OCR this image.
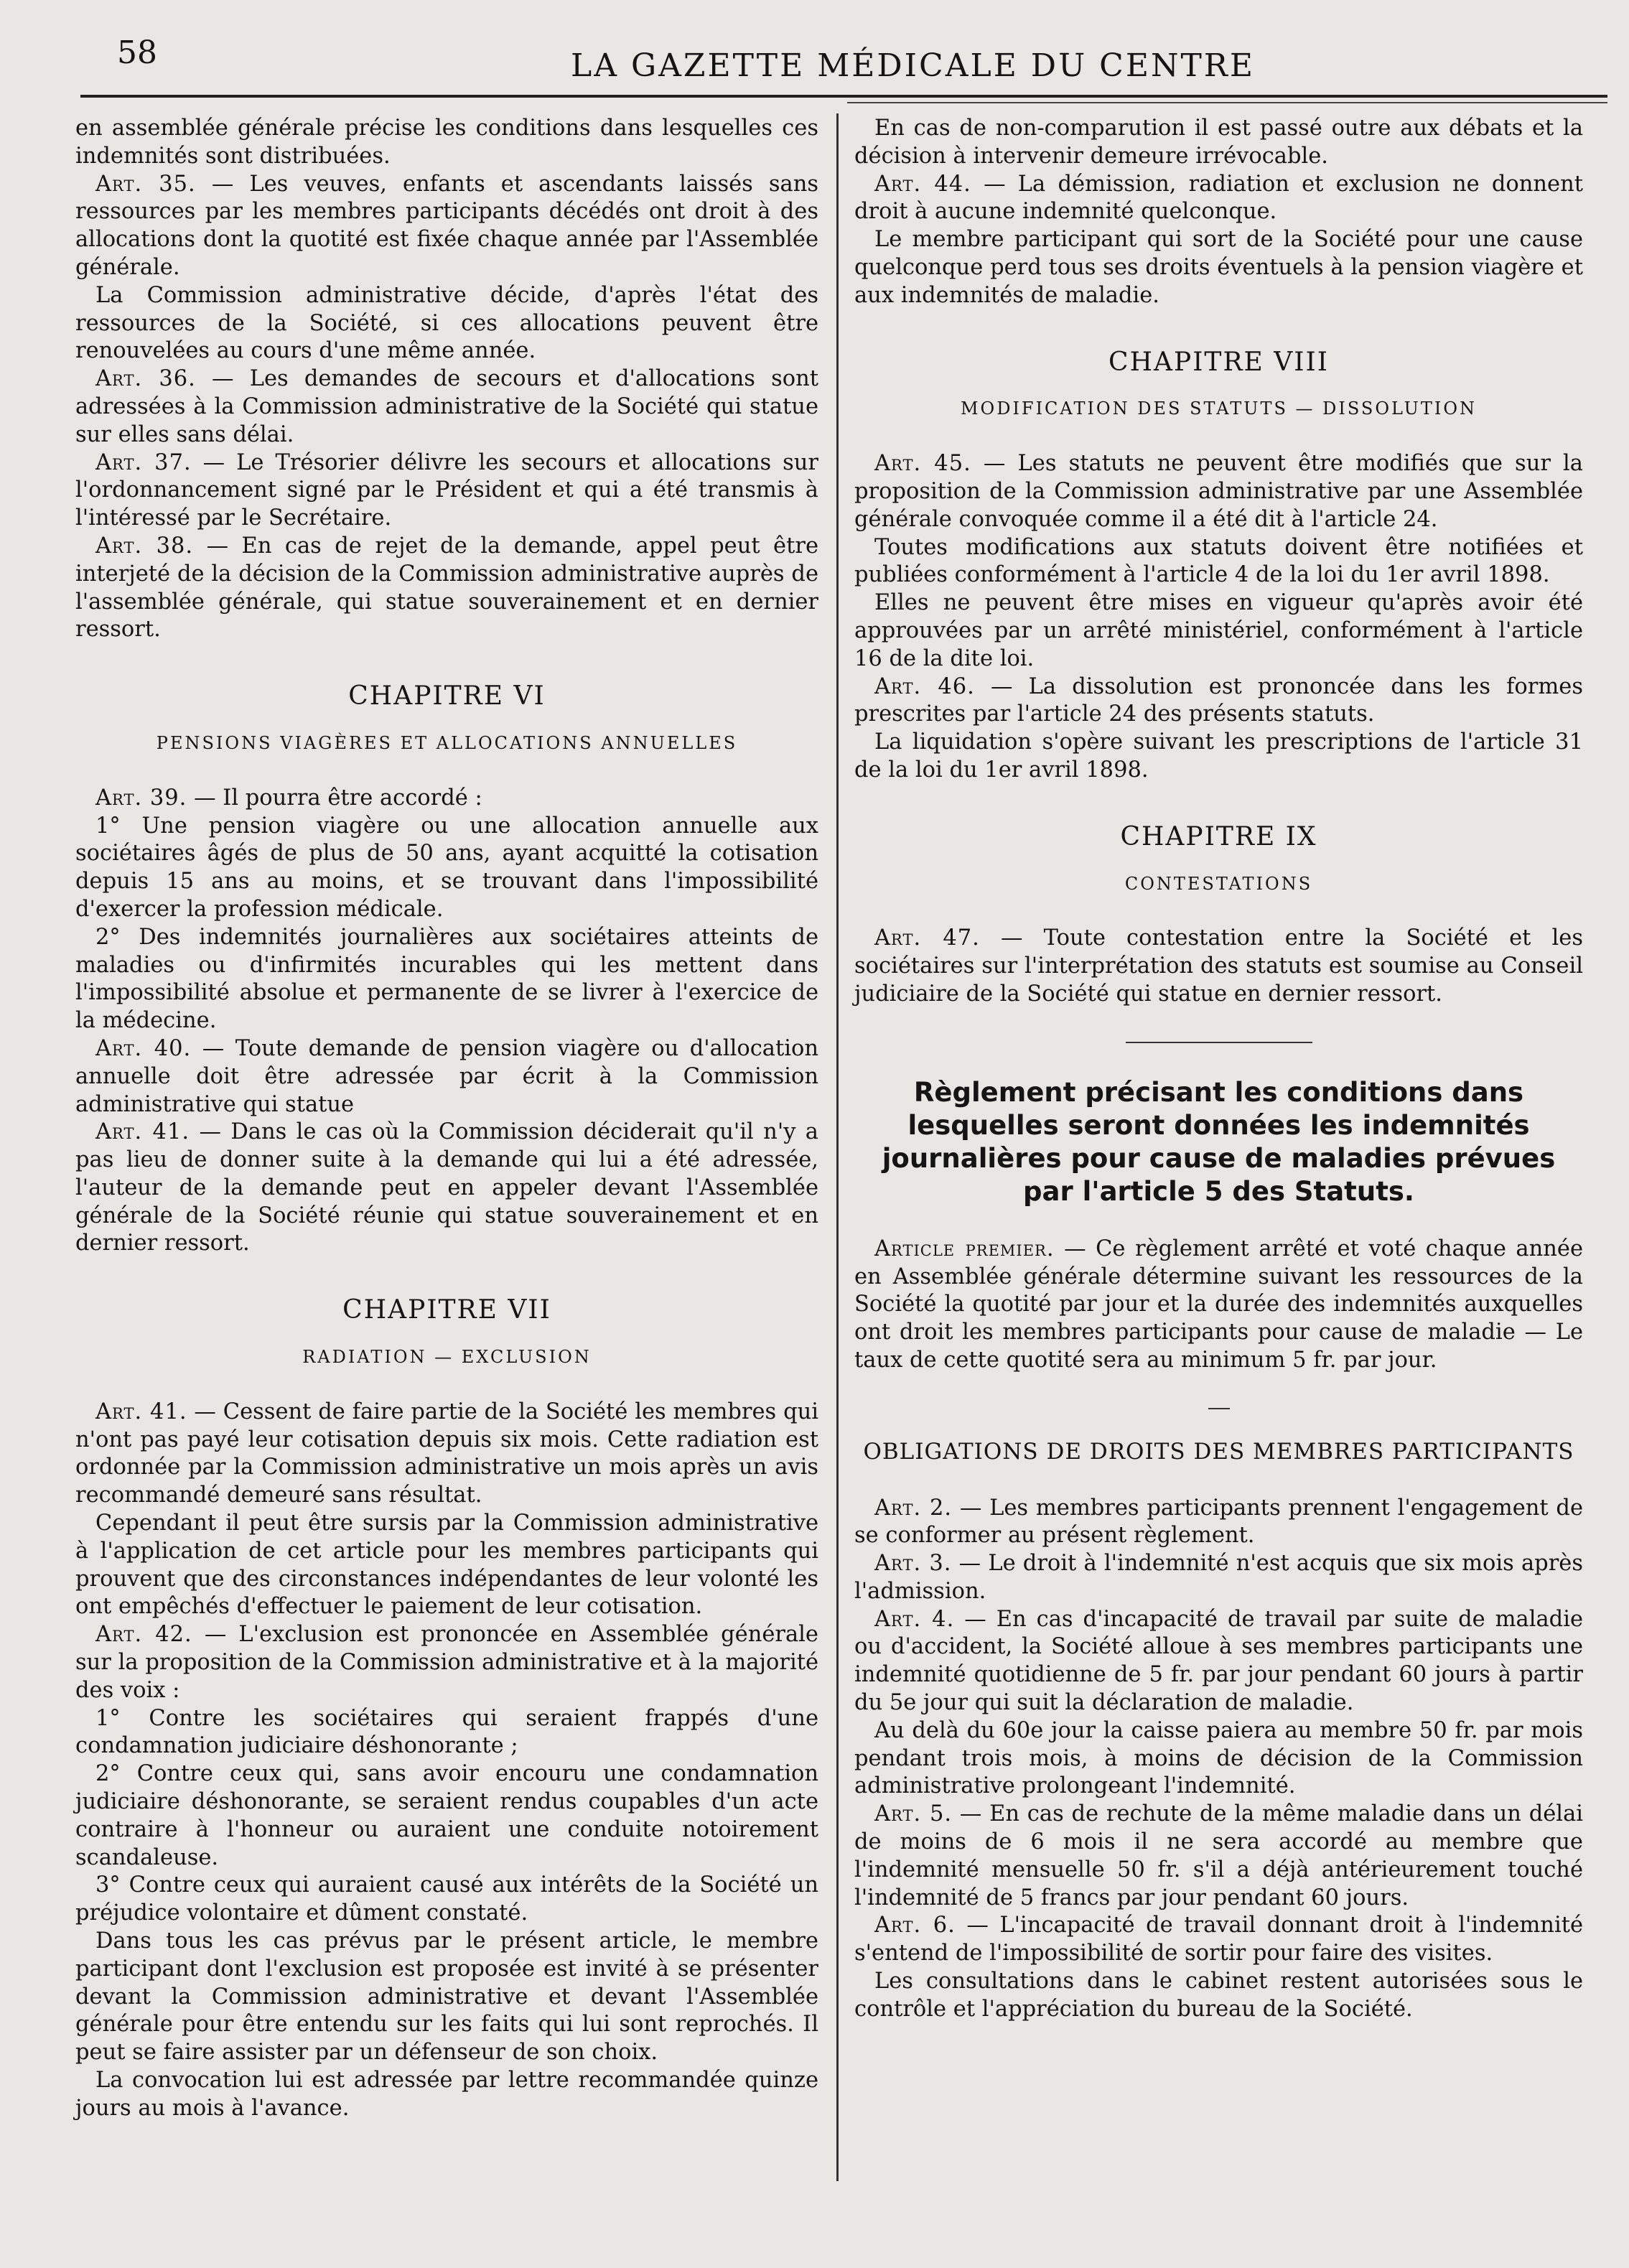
58	LA GAZETTE MÉDICALE DU CENTRE

en assemblée générale précise les conditions dans lesquelles ces indemnités sont distribuées.

Art. 35. — Les veuves, enfants et ascendants laissés sans ressources par les membres participants décédés ont droit à des allocations dont la quotité est fixée chaque année par l'Assemblée générale.

La Commission administrative décide, d'après l'état des ressources de la Société, si ces allocations peuvent être renouvelées au cours d'une même année.

Art. 36. — Les demandes de secours et d'allocations sont adressées à la Commission administrative de la Société qui statue sur elles sans délai.

Art. 37. — Le Trésorier délivre les secours et allocations sur l'ordonnancement signé par le Président et qui a été transmis à l'intéressé par le Secrétaire.

Art. 38. — En cas de rejet de la demande, appel peut être interjeté de la décision de la Commission administrative auprès de l'assemblée générale, qui statue souverainement et en dernier ressort.

CHAPITRE VI

PENSIONS VIAGÈRES ET ALLOCATIONS ANNUELLES

Art. 39. — Il pourra être accordé :

1° Une pension viagère ou une allocation annuelle aux sociétaires âgés de plus de 50 ans, ayant acquitté la cotisation depuis 15 ans au moins, et se trouvant dans l'impossibilité d'exercer la profession médicale.

2° Des indemnités journalières aux sociétaires atteints de maladies ou d'infirmités incurables qui les mettent dans l'impossibilité absolue et permanente de se livrer à l'exercice de la médecine.

Art. 40. — Toute demande de pension viagère ou d'allocation annuelle doit être adressée par écrit à la Commission administrative qui statue

Art. 41. — Dans le cas où la Commission déciderait qu'il n'y a pas lieu de donner suite à la demande qui lui a été adressée, l'auteur de la demande peut en appeler devant l'Assemblée générale de la Société réunie qui statue souverainement et en dernier ressort.

CHAPITRE VII

RADIATION — EXCLUSION

Art. 41. — Cessent de faire partie de la Société les membres qui n'ont pas payé leur cotisation depuis six mois. Cette radiation est ordonnée par la Commission administrative un mois après un avis recommandé demeuré sans résultat.

Cependant il peut être sursis par la Commission administrative à l'application de cet article pour les membres participants qui prouvent que des circonstances indépendantes de leur volonté les ont empêchés d'effectuer le paiement de leur cotisation.

Art. 42. — L'exclusion est prononcée en Assemblée générale sur la proposition de la Commission administrative et à la majorité des voix :

1° Contre les sociétaires qui seraient frappés d'une condamnation judiciaire déshonorante ;

2° Contre ceux qui, sans avoir encouru une condamnation judiciaire déshonorante, se seraient rendus coupables d'un acte contraire à l'honneur ou auraient une conduite notoirement scandaleuse.

3° Contre ceux qui auraient causé aux intérêts de la Société un préjudice volontaire et dûment constaté.

Dans tous les cas prévus par le présent article, le membre participant dont l'exclusion est proposée est invité à se présenter devant la Commission administrative et devant l'Assemblée générale pour être entendu sur les faits qui lui sont reprochés. Il peut se faire assister par un défenseur de son choix.

La convocation lui est adressée par lettre recommandée quinze jours au mois à l'avance.

En cas de non-comparution il est passé outre aux débats et la décision à intervenir demeure irrévocable.

Art. 44. — La démission, radiation et exclusion ne donnent droit à aucune indemnité quelconque.

Le membre participant qui sort de la Société pour une cause quelconque perd tous ses droits éventuels à la pension viagère et aux indemnités de maladie.

CHAPITRE VIII

MODIFICATION DES STATUTS — DISSOLUTION

Art. 45. — Les statuts ne peuvent être modifiés que sur la proposition de la Commission administrative par une Assemblée générale convoquée comme il a été dit à l'article 24.

Toutes modifications aux statuts doivent être notifiées et publiées conformément à l'article 4 de la loi du 1er avril 1898.

Elles ne peuvent être mises en vigueur qu'après avoir été approuvées par un arrêté ministériel, conformément à l'article 16 de la dite loi.

Art. 46. — La dissolution est prononcée dans les formes prescrites par l'article 24 des présents statuts.

La liquidation s'opère suivant les prescriptions de l'article 31 de la loi du 1er avril 1898.

CHAPITRE IX

CONTESTATIONS

Art. 47. — Toute contestation entre la Société et les sociétaires sur l'interprétation des statuts est soumise au Conseil judiciaire de la Société qui statue en dernier ressort.

Règlement précisant les conditions dans lesquelles seront données les indemnités journalières pour cause de maladies prévues par l'article 5 des Statuts.

Article premier. — Ce règlement arrêté et voté chaque année en Assemblée générale détermine suivant les ressources de la Société la quotité par jour et la durée des indemnités auxquelles ont droit les membres participants pour cause de maladie — Le taux de cette quotité sera au minimum 5 fr. par jour.

OBLIGATIONS DE DROITS DES MEMBRES PARTICIPANTS

Art. 2. — Les membres participants prennent l'engagement de se conformer au présent règlement.

Art. 3. — Le droit à l'indemnité n'est acquis que six mois après l'admission.

Art. 4. — En cas d'incapacité de travail par suite de maladie ou d'accident, la Société alloue à ses membres participants une indemnité quotidienne de 5 fr. par jour pendant 60 jours à partir du 5e jour qui suit la déclaration de maladie.

Au delà du 60e jour la caisse paiera au membre 50 fr. par mois pendant trois mois, à moins de décision de la Commission administrative prolongeant l'indemnité.

Art. 5. — En cas de rechute de la même maladie dans un délai de moins de 6 mois il ne sera accordé au membre que l'indemnité mensuelle 50 fr. s'il a déjà antérieurement touché l'indemnité de 5 francs par jour pendant 60 jours.

Art. 6. — L'incapacité de travail donnant droit à l'indemnité s'entend de l'impossibilité de sortir pour faire des visites.

Les consultations dans le cabinet restent autorisées sous le contrôle et l'appréciation du bureau de la Société.
